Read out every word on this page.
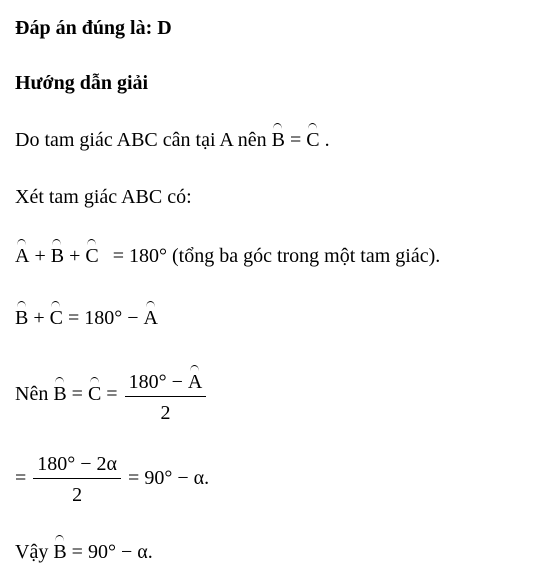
Đáp án đúng là: D
Hướng dẫn giải
Do tam giác ABC cân tại A nên B = C .
Xét tam giác ABC có:
A + B + C = 180° (tổng ba góc trong một tam giác).
B + C = 180° − A
Nên $B = C = \frac{180^\circ - A}{2}$
= $\frac{180^\circ - 2\alpha}{2} = 90^\circ - \alpha$.
Vậy B = 90° − α.
